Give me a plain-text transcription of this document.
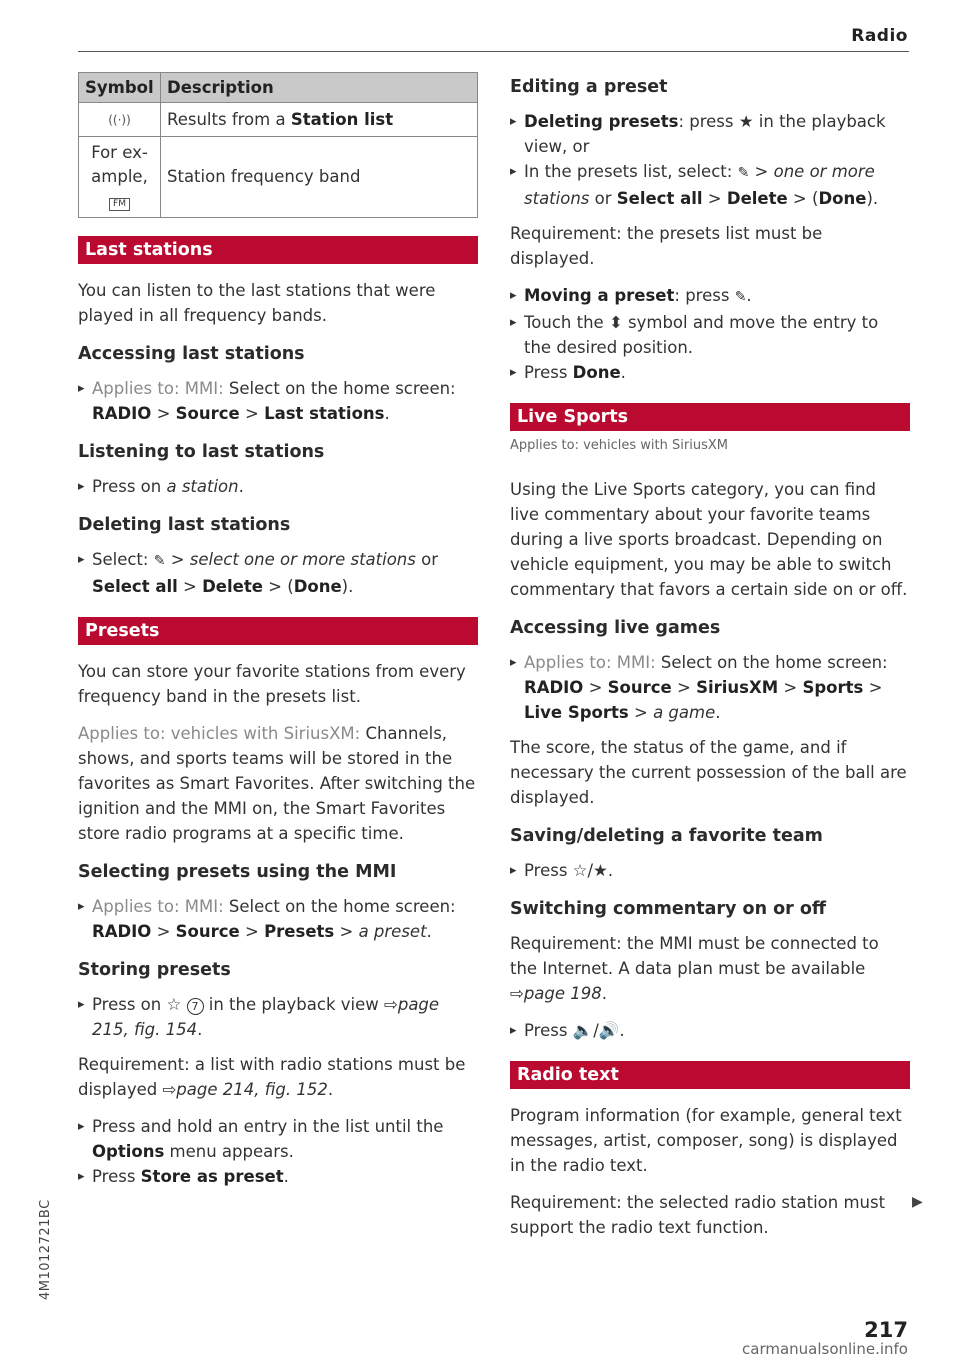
Radio
Symbol	Description
((·))	Results from a Station list

For ex-
ample,
FM	Station frequency band
Last stations

You can listen to the last stations that were played in all frequency bands.

Accessing last stations
▸ Applies to: MMI: Select on the home screen:
RADIO > Source > Last stations.
Listening to last stations
▸ Press on a station.
Deleting last stations
▸ Select: ✎ > select one or more stations or Select all > Delete > (Done).
Presets

You can store your favorite stations from every frequency band in the presets list.

Applies to: vehicles with SiriusXM: Channels, shows, and sports teams will be stored in the favorites as Smart Favorites. After switching the ignition and the MMI on, the Smart Favorites store radio programs at a specific time.

Selecting presets using the MMI
▸ Applies to: MMI: Select on the home screen:
RADIO > Source > Presets > a preset.
Storing presets
▸ Press on ☆ 7 in the playback view ⇨page 215, fig. 154.

Requirement: a list with radio stations must be displayed ⇨page 214, fig. 152.

▸ Press and hold an entry in the list until the Options menu appears.
▸ Press Store as preset.
Editing a preset
▸ Deleting presets: press ★ in the playback view, or
▸ In the presets list, select: ✎ > one or more stations or Select all > Delete > (Done).

Requirement: the presets list must be displayed.

▸ Moving a preset: press ✎.
▸ Touch the ⬍ symbol and move the entry to the desired position.
▸ Press Done.
Live Sports
Applies to: vehicles with SiriusXM

Using the Live Sports category, you can find live commentary about your favorite teams during a live sports broadcast. Depending on vehicle equipment, you may be able to switch commentary that favors a certain side on or off.

Accessing live games
▸ Applies to: MMI: Select on the home screen:
RADIO > Source > SiriusXM > Sports > Live Sports > a game.

The score, the status of the game, and if necessary the current possession of the ball are displayed.

Saving/deleting a favorite team
▸ Press ☆/★.
Switching commentary on or off

Requirement: the MMI must be connected to the Internet. A data plan must be available ⇨page 198.

▸ Press 🔈/🔊.
Radio text

Program information (for example, general text messages, artist, composer, song) is displayed in the radio text.

Requirement: the selected radio station must support the radio text function.

▶
217
4M1012721BC
carmanualsonline.info
